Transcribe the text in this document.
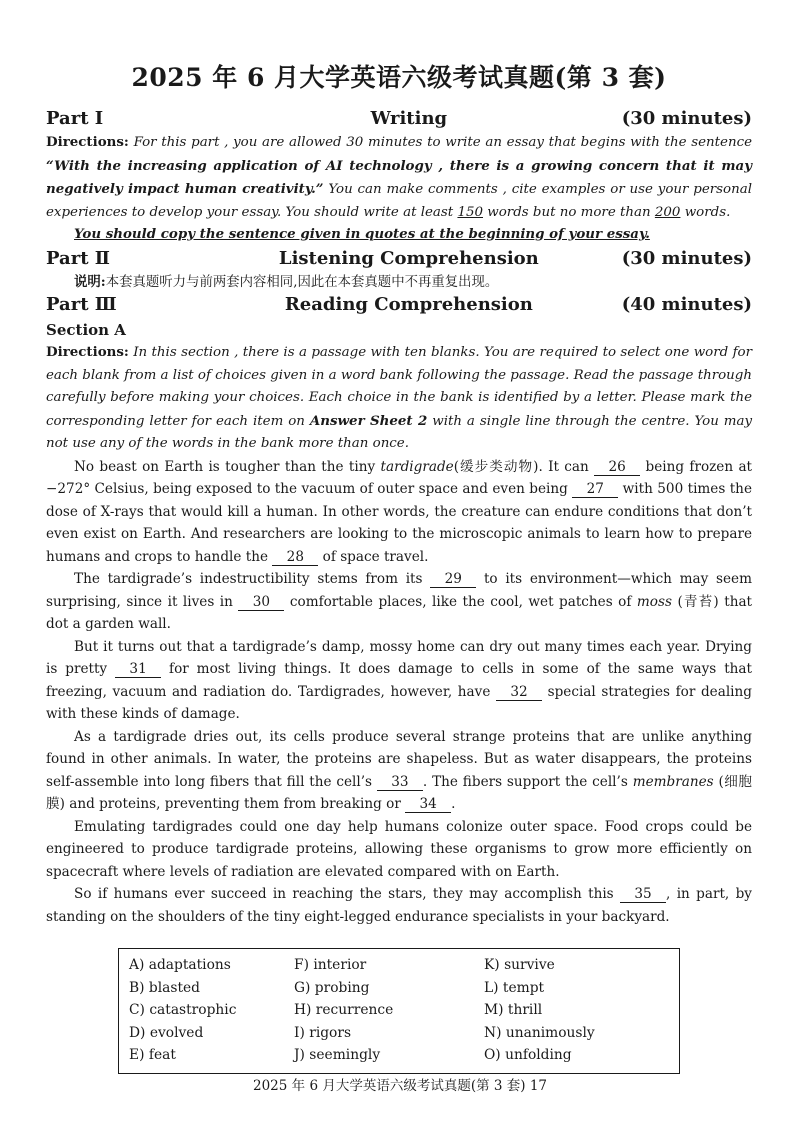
2025 年 6 月大学英语六级考试真题(第 3 套)
Part Ⅰ	Writing	(30 minutes)

Directions: For this part , you are allowed 30 minutes to write an essay that begins with the sentence “With the increasing application of AI technology , there is a growing concern that it may negatively impact human creativity.” You can make comments , cite examples or use your personal experiences to develop your essay. You should write at least 150 words but no more than 200 words.

You should copy the sentence given in quotes at the beginning of your essay.
Part Ⅱ	Listening Comprehension	(30 minutes)
说明:本套真题听力与前两套内容相同,因此在本套真题中不再重复出现。
Part Ⅲ	Reading Comprehension	(40 minutes)
Section A

Directions: In this section , there is a passage with ten blanks. You are required to select one word for each blank from a list of choices given in a word bank following the passage. Read the passage through carefully before making your choices. Each choice in the bank is identified by a letter. Please mark the corresponding letter for each item on Answer Sheet 2 with a single line through the centre. You may not use any of the words in the bank more than once.

No beast on Earth is tougher than the tiny tardigrade(缓步类动物). It can 26 being frozen at −272° Celsius, being exposed to the vacuum of outer space and even being 27 with 500 times the dose of X-rays that would kill a human. In other words, the creature can endure conditions that don’t even exist on Earth. And researchers are looking to the microscopic animals to learn how to prepare humans and crops to handle the 28 of space travel.

The tardigrade’s indestructibility stems from its 29 to its environment—which may seem surprising, since it lives in 30 comfortable places, like the cool, wet patches of moss (青苔) that dot a garden wall.

But it turns out that a tardigrade’s damp, mossy home can dry out many times each year. Drying is pretty 31 for most living things. It does damage to cells in some of the same ways that freezing, vacuum and radiation do. Tardigrades, however, have 32 special strategies for dealing with these kinds of damage.

As a tardigrade dries out, its cells produce several strange proteins that are unlike anything found in other animals. In water, the proteins are shapeless. But as water disappears, the proteins self-assemble into long fibers that fill the cell’s 33 . The fibers support the cell’s membranes (细胞膜) and proteins, preventing them from breaking or 34 .

Emulating tardigrades could one day help humans colonize outer space. Food crops could be engineered to produce tardigrade proteins, allowing these organisms to grow more efficiently on spacecraft where levels of radiation are elevated compared with on Earth.

So if humans ever succeed in reaching the stars, they may accomplish this 35 , in part, by standing on the shoulders of the tiny eight-legged endurance specialists in your backyard.

A) adaptations	F) interior	K) survive
B) blasted	G) probing	L) tempt
C) catastrophic	H) recurrence	M) thrill
D) evolved	I) rigors	N) unanimously
E) feat	J) seemingly	O) unfolding
2025 年 6 月大学英语六级考试真题(第 3 套) 17
